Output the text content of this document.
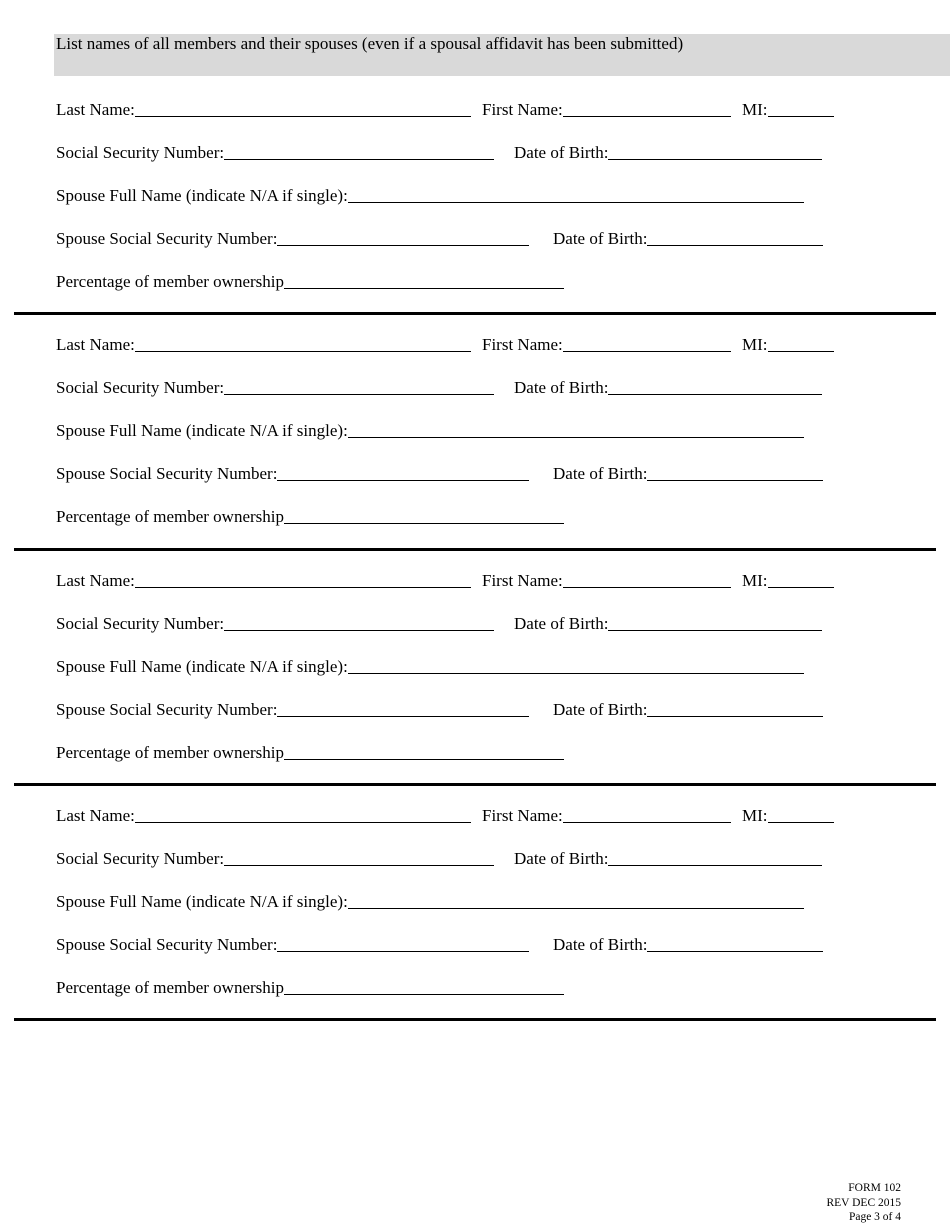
List names of all members and their spouses (even if a spousal affidavit has been submitted)
Last Name:	First Name:	MI:
Social Security Number:	Date of Birth:
Spouse Full Name (indicate N/A if single):
Spouse Social Security Number:	Date of Birth:
Percentage of member ownership
Last Name:	First Name:	MI:
Social Security Number:	Date of Birth:
Spouse Full Name (indicate N/A if single):
Spouse Social Security Number:	Date of Birth:
Percentage of member ownership
Last Name:	First Name:	MI:
Social Security Number:	Date of Birth:
Spouse Full Name (indicate N/A if single):
Spouse Social Security Number:	Date of Birth:
Percentage of member ownership
Last Name:	First Name:	MI:
Social Security Number:	Date of Birth:
Spouse Full Name (indicate N/A if single):
Spouse Social Security Number:	Date of Birth:
Percentage of member ownership
FORM 102
REV DEC 2015
Page 3 of 4
